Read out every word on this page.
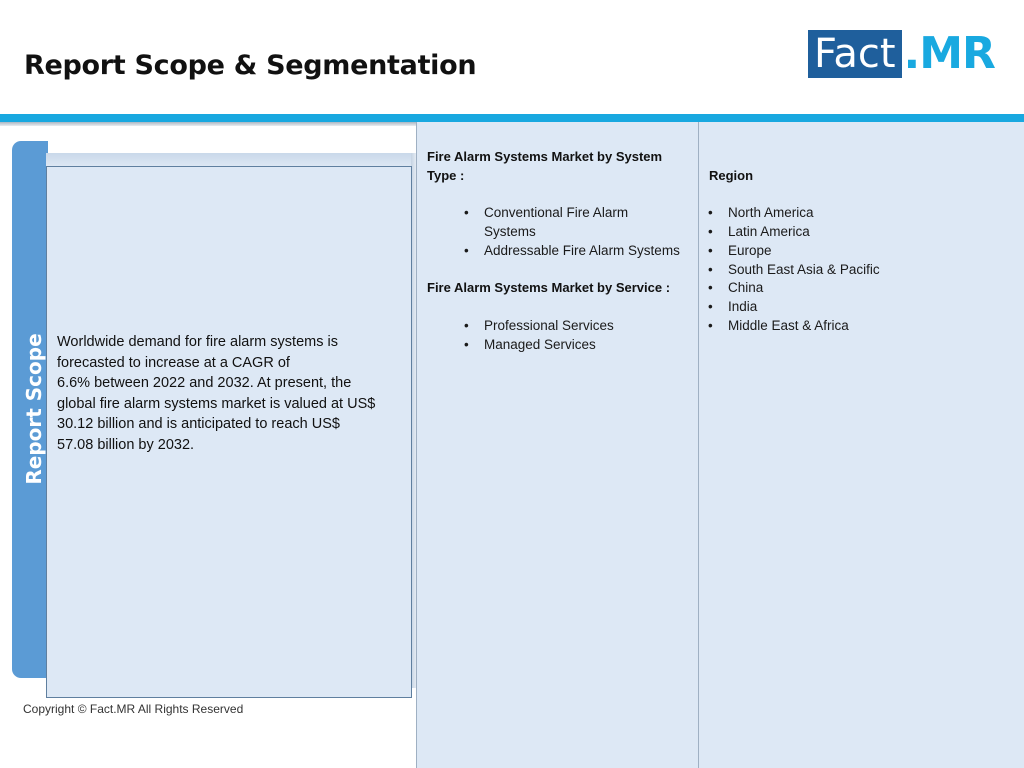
Report Scope & Segmentation	Fact .MR
Report Scope Worldwide demand for fire alarm systems is
forecasted to increase at a CAGR of
6.6% between 2022 and 2032. At present, the
global fire alarm systems market is valued at US$
30.12 billion and is anticipated to reach US$
57.08 billion by 2032.
Fire Alarm Systems Market by System
Type :
• Conventional Fire Alarm
Systems
• Addressable Fire Alarm Systems
Fire Alarm Systems Market by Service :
• Professional Services
• Managed Services
Region
• North America
• Latin America
• Europe
• South East Asia & Pacific
• China
• India
• Middle East & Africa
Copyright © Fact.MR All Rights Reserved
